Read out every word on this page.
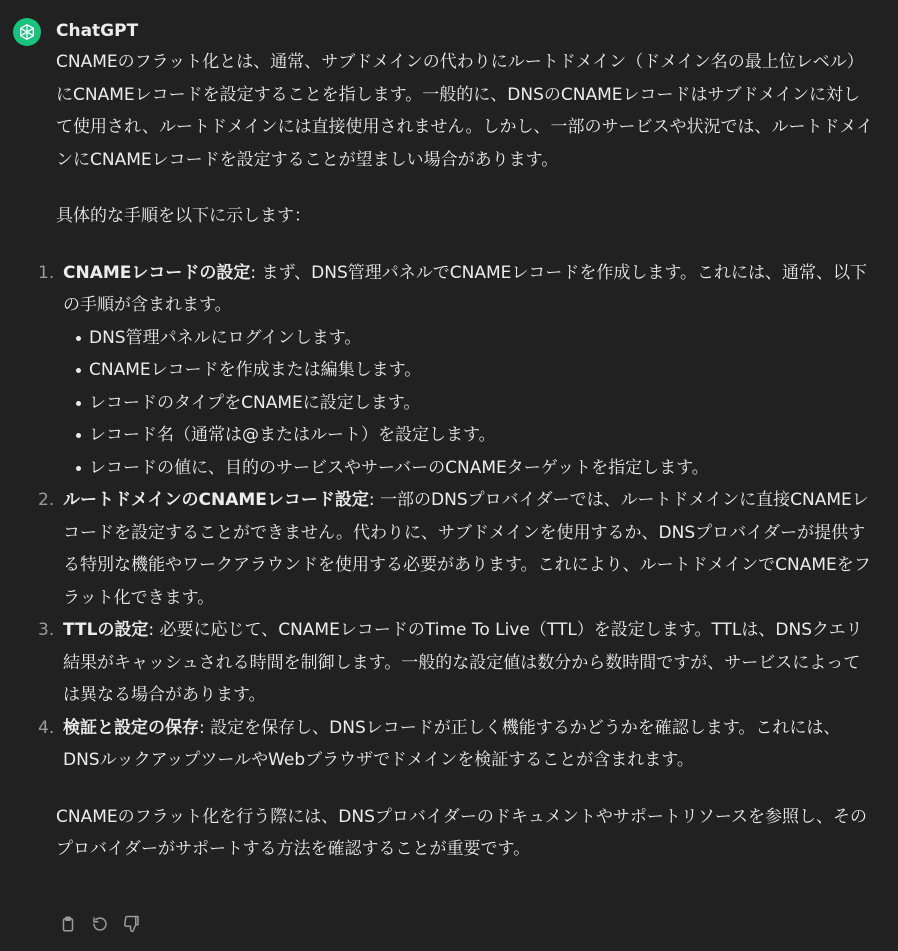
ChatGPT

CNAMEのフラット化とは、通常、サブドメインの代わりにルートドメイン（ドメイン名の最上位レベル）にCNAMEレコードを設定することを指します。一般的に、DNSのCNAMEレコードはサブドメインに対して使用され、ルートドメインには直接使用されません。しかし、一部のサービスや状況では、ルートドメインにCNAMEレコードを設定することが望ましい場合があります。

具体的な手順を以下に示します：

1. CNAMEレコードの設定: まず、DNS管理パネルでCNAMEレコードを作成します。これには、通常、以下の手順が含まれます。
DNS管理パネルにログインします。
CNAMEレコードを作成または編集します。
レコードのタイプをCNAMEに設定します。
レコード名（通常は@またはルート）を設定します。
レコードの値に、目的のサービスやサーバーのCNAMEターゲットを指定します。
2. ルートドメインのCNAMEレコード設定: 一部のDNSプロバイダーでは、ルートドメインに直接CNAMEレコードを設定することができません。代わりに、サブドメインを使用するか、DNSプロバイダーが提供する特別な機能やワークアラウンドを使用する必要があります。これにより、ルートドメインでCNAMEをフラット化できます。
3. TTLの設定: 必要に応じて、CNAMEレコードのTime To Live（TTL）を設定します。TTLは、DNSクエリ結果がキャッシュされる時間を制御します。一般的な設定値は数分から数時間ですが、サービスによっては異なる場合があります。
4. 検証と設定の保存: 設定を保存し、DNSレコードが正しく機能するかどうかを確認します。これには、DNSルックアップツールやWebブラウザでドメインを検証することが含まれます。

CNAMEのフラット化を行う際には、DNSプロバイダーのドキュメントやサポートリソースを参照し、そのプロバイダーがサポートする方法を確認することが重要です。
